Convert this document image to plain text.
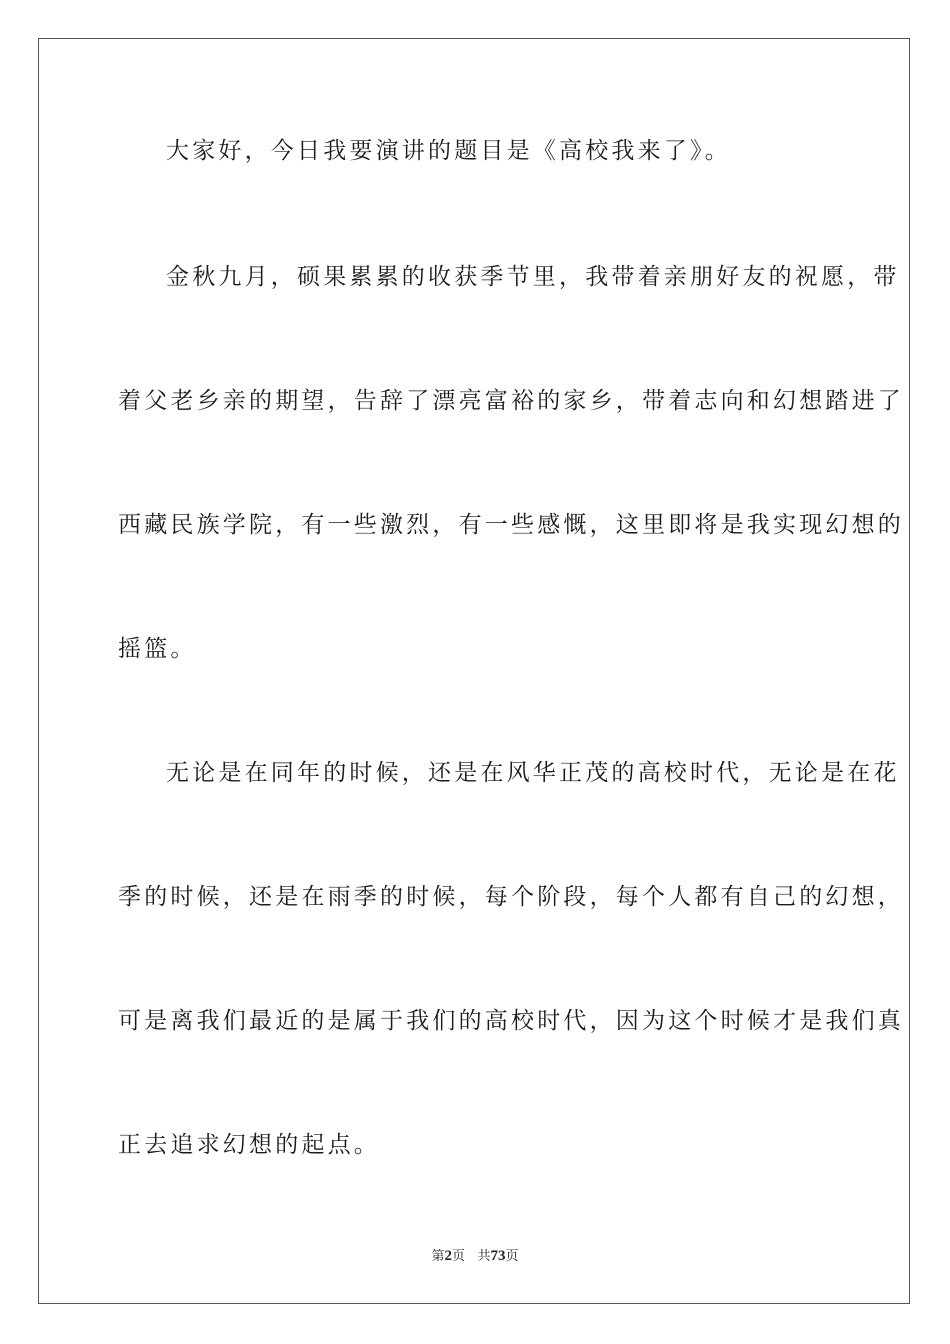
大家好，今日我要演讲的题目是《高校我来了》。
金秋九月，硕果累累的收获季节里，我带着亲朋好友的祝愿，带
着父老乡亲的期望，告辞了漂亮富裕的家乡，带着志向和幻想踏进了
西藏民族学院，有一些激烈，有一些感慨，这里即将是我实现幻想的
摇篮。
无论是在同年的时候，还是在风华正茂的高校时代，无论是在花
季的时候，还是在雨季的时候，每个阶段，每个人都有自己的幻想，
可是离我们最近的是属于我们的高校时代，因为这个时候才是我们真
正去追求幻想的起点。
第2页 共73页
